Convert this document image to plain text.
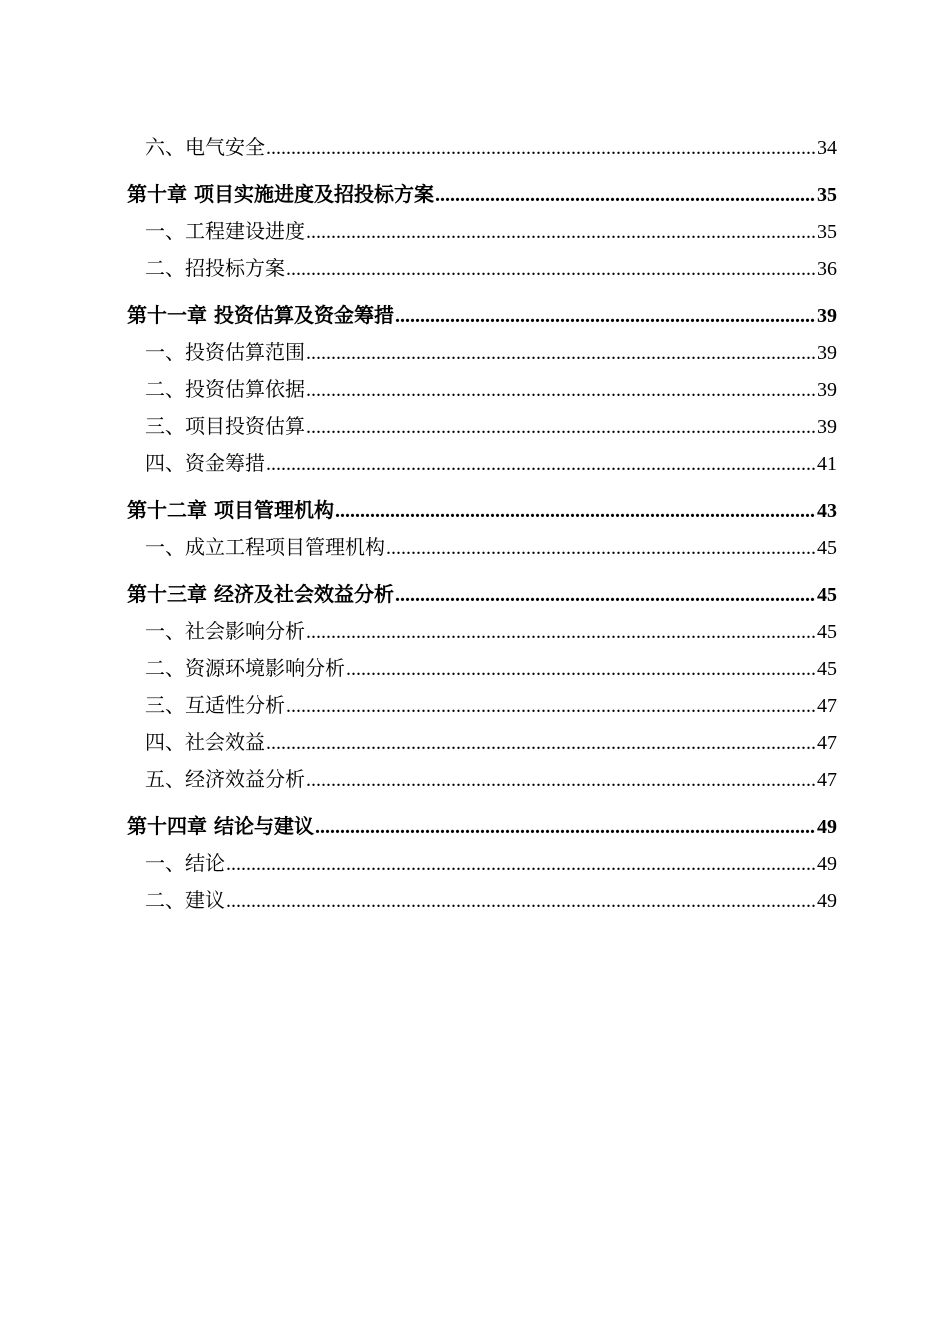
六、电气安全 .....	34
第十章 项目实施进度及招投标方案 .....	35
一、工程建设进度 .....	35
二、招投标方案 .....	36
第十一章 投资估算及资金筹措 .....	39
一、投资估算范围 .....	39
二、投资估算依据 .....	39
三、项目投资估算 .....	39
四、资金筹措 .....	41
第十二章 项目管理机构 .....	43
一、成立工程项目管理机构 .....	45
第十三章 经济及社会效益分析 .....	45
一、社会影响分析 .....	45
二、资源环境影响分析 .....	45
三、互适性分析 .....	47
四、社会效益 .....	47
五、经济效益分析 .....	47
第十四章 结论与建议 .....	49
一、结论 .....	49
二、建议 .....	49
